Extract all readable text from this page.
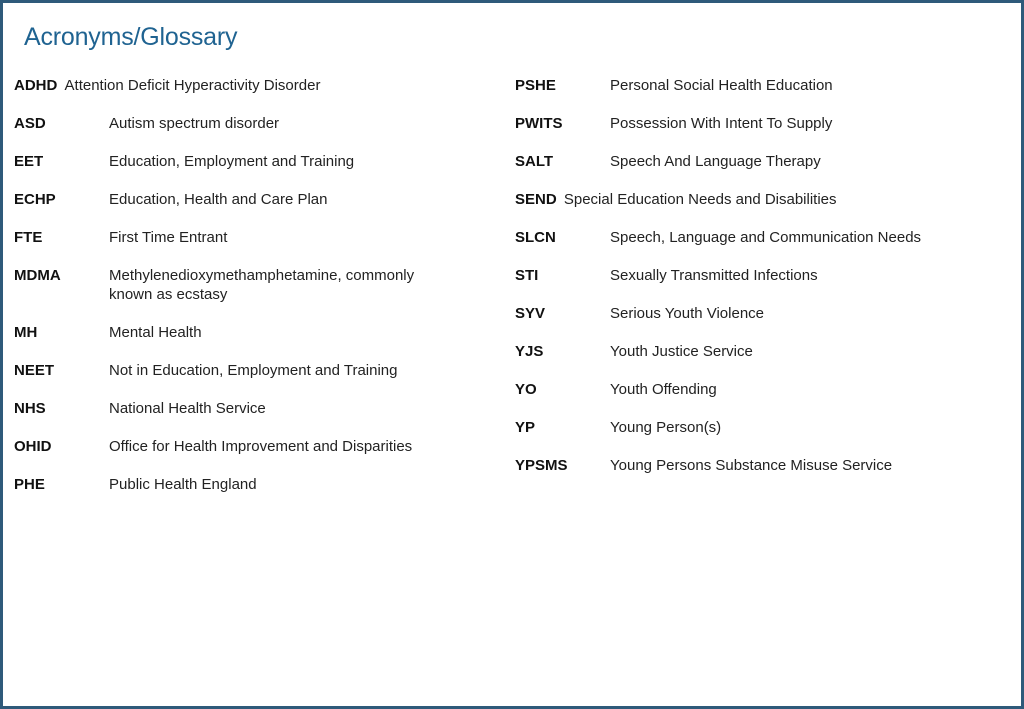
Acronyms/Glossary
ADHD Attention Deficit Hyperactivity Disorder
ASD	Autism spectrum disorder
EET	Education, Employment and Training
ECHP	Education, Health and Care Plan
FTE	First Time Entrant
MDMA	Methylenedioxymethamphetamine, commonly known as ecstasy
MH	Mental Health
NEET	Not in Education, Employment and Training
NHS	National Health Service
OHID	Office for Health Improvement and Disparities
PHE	Public Health England
PSHE	Personal Social Health Education
PWITS	Possession With Intent To Supply
SALT	Speech And Language Therapy
SEND Special Education Needs and Disabilities
SLCN	Speech, Language and Communication Needs
STI	Sexually Transmitted Infections
SYV	Serious Youth Violence
YJS	Youth Justice Service
YO	Youth Offending
YP	Young Person(s)
YPSMS	Young Persons Substance Misuse Service
